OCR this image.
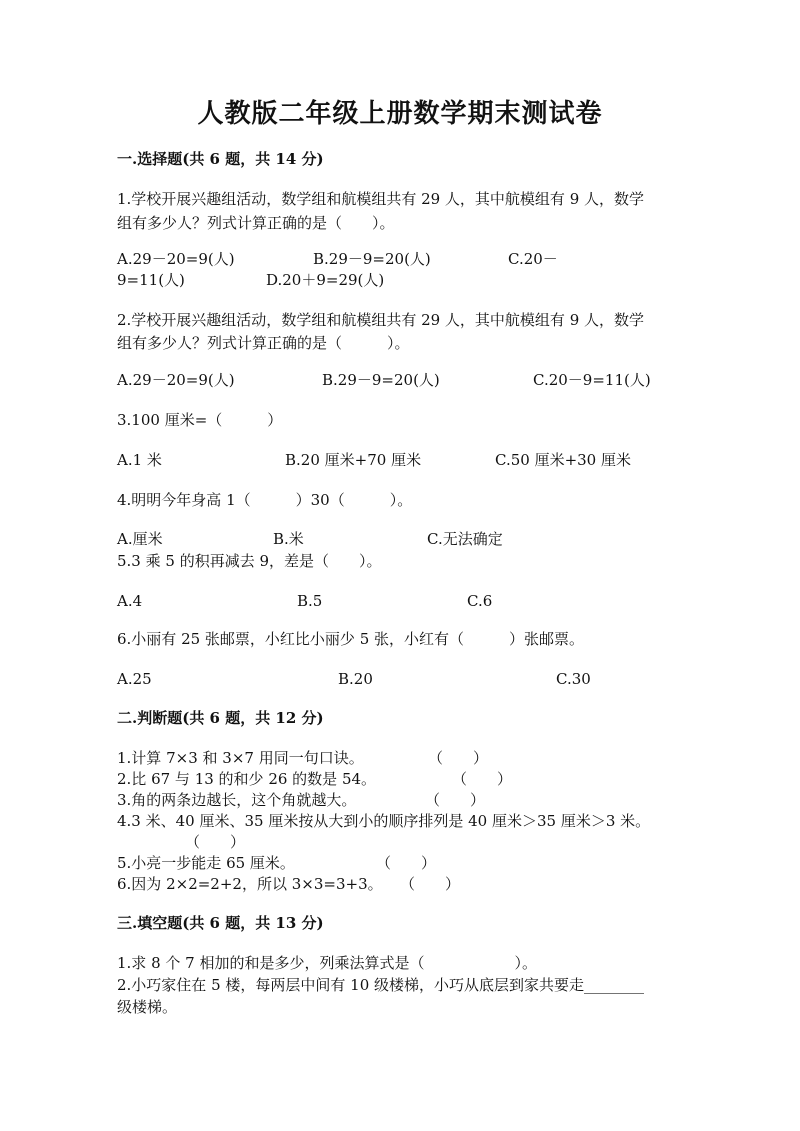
人教版二年级上册数学期末测试卷
一.选择题(共 6 题，共 14 分)
1.学校开展兴趣组活动，数学组和航模组共有 29 人，其中航模组有 9 人，数学
组有多少人？列式计算正确的是（　　）。
A.29－20=9(人)	B.29－9=20(人)	C.20－
9=11(人)	D.20＋9=29(人)
2.学校开展兴趣组活动，数学组和航模组共有 29 人，其中航模组有 9 人，数学
组有多少人？列式计算正确的是（　　　）。
A.29－20=9(人)	B.29－9=20(人)	C.20－9=11(人)
3.100 厘米=（　　　）
A.1 米	B.20 厘米+70 厘米	C.50 厘米+30 厘米
4.明明今年身高 1（　　　）30（　　　）。
A.厘米	B.米	C.无法确定
5.3 乘 5 的积再减去 9，差是（　　）。
A.4	B.5	C.6
6.小丽有 25 张邮票，小红比小丽少 5 张，小红有（　　　）张邮票。
A.25	B.20	C.30
二.判断题(共 6 题，共 12 分)
1.计算 7×3 和 3×7 用同一句口诀。	（　　）
2.比 67 与 13 的和少 26 的数是 54。	（　　）
3.角的两条边越长，这个角就越大。	（　　）
4.3 米、40 厘米、35 厘米按从大到小的顺序排列是 40 厘米＞35 厘米＞3 米。
（　　）
5.小亮一步能走 65 厘米。	（　　）
6.因为 2×2=2+2，所以 3×3=3+3。 （　　）
三.填空题(共 6 题，共 13 分)
1.求 8 个 7 相加的和是多少，列乘法算式是（　　　　　　）。
2.小巧家住在 5 楼，每两层中间有 10 级楼梯，小巧从底层到家共要走________
级楼梯。
